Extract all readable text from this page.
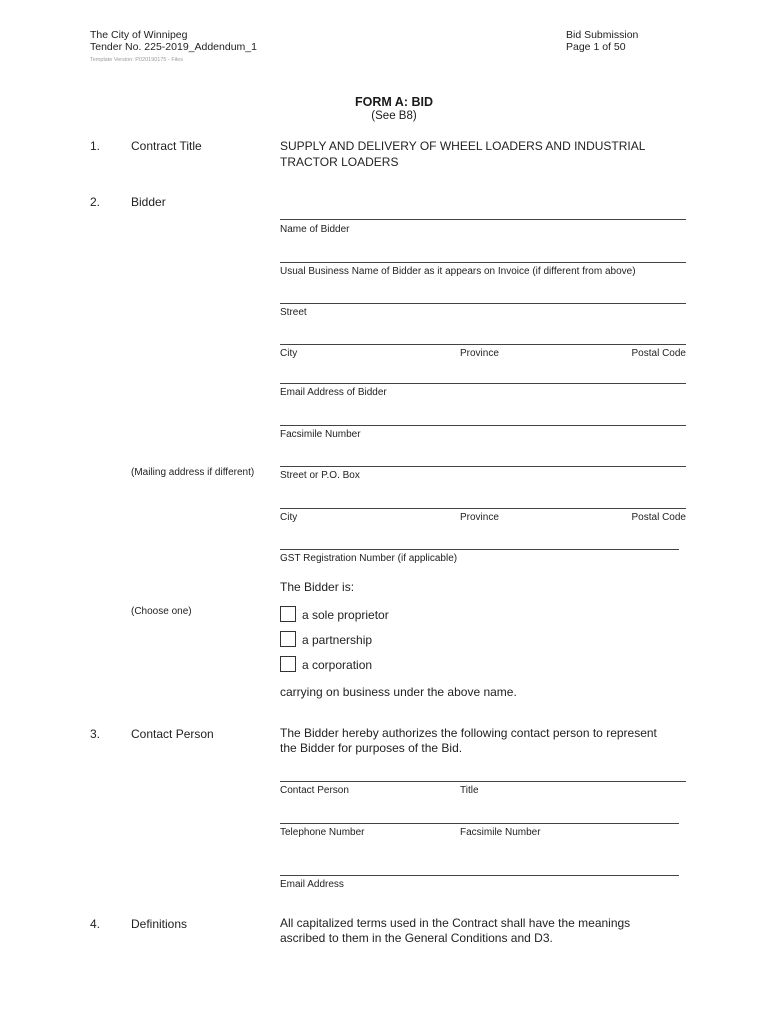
The City of Winnipeg
Tender No. 225-2019_Addendum_1
Template Version: P020190175 - Files
Bid Submission
Page 1 of 50
FORM A: BID
(See B8)
1.	Contract Title	SUPPLY AND DELIVERY OF WHEEL LOADERS AND INDUSTRIAL
TRACTOR LOADERS
2.	Bidder
Name of Bidder
Usual Business Name of Bidder as it appears on Invoice (if different from above)
Street
City	Province	Postal Code
Email Address of Bidder
Facsimile Number
(Mailing address if different)	Street or P.O. Box
City	Province	Postal Code
GST Registration Number (if applicable)
The Bidder is:
(Choose one)	a sole proprietor
a partnership
a corporation
carrying on business under the above name.
3.	Contact Person	The Bidder hereby authorizes the following contact person to represent
the Bidder for purposes of the Bid.
Contact Person	Title
Telephone Number	Facsimile Number
Email Address
4.	Definitions	All capitalized terms used in the Contract shall have the meanings
ascribed to them in the General Conditions and D3.
